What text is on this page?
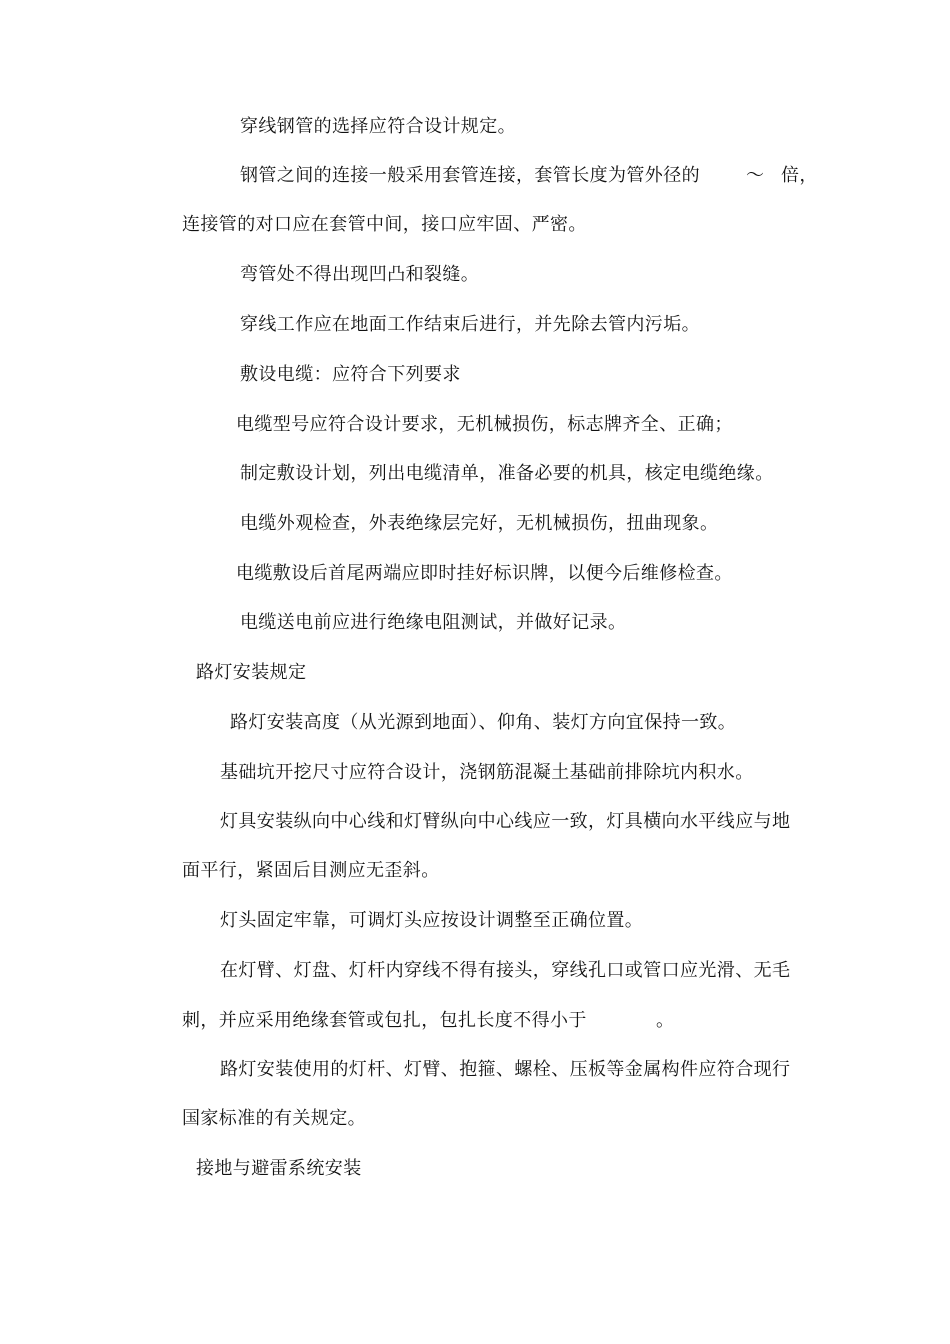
穿线钢管的选择应符合设计规定。
钢管之间的连接一般采用套管连接，套管长度为管外径的	～ 倍，
连接管的对口应在套管中间，接口应牢固、严密。
弯管处不得出现凹凸和裂缝。
穿线工作应在地面工作结束后进行，并先除去管内污垢。
敷设电缆：应符合下列要求
电缆型号应符合设计要求，无机械损伤，标志牌齐全、正确；
制定敷设计划，列出电缆清单，准备必要的机具，核定电缆绝缘。
电缆外观检查，外表绝缘层完好，无机械损伤，扭曲现象。
电缆敷设后首尾两端应即时挂好标识牌，以便今后维修检查。
电缆送电前应进行绝缘电阻测试，并做好记录。
路灯安装规定
路灯安装高度（从光源到地面）、仰角、装灯方向宜保持一致。
基础坑开挖尺寸应符合设计，浇钢筋混凝土基础前排除坑内积水。
灯具安装纵向中心线和灯臂纵向中心线应一致，灯具横向水平线应与地
面平行，紧固后目测应无歪斜。
灯头固定牢靠，可调灯头应按设计调整至正确位置。
在灯臂、灯盘、灯杆内穿线不得有接头，穿线孔口或管口应光滑、无毛
刺，并应采用绝缘套管或包扎，包扎长度不得小于	。
路灯安装使用的灯杆、灯臂、抱箍、螺栓、压板等金属构件应符合现行
国家标准的有关规定。
接地与避雷系统安装
